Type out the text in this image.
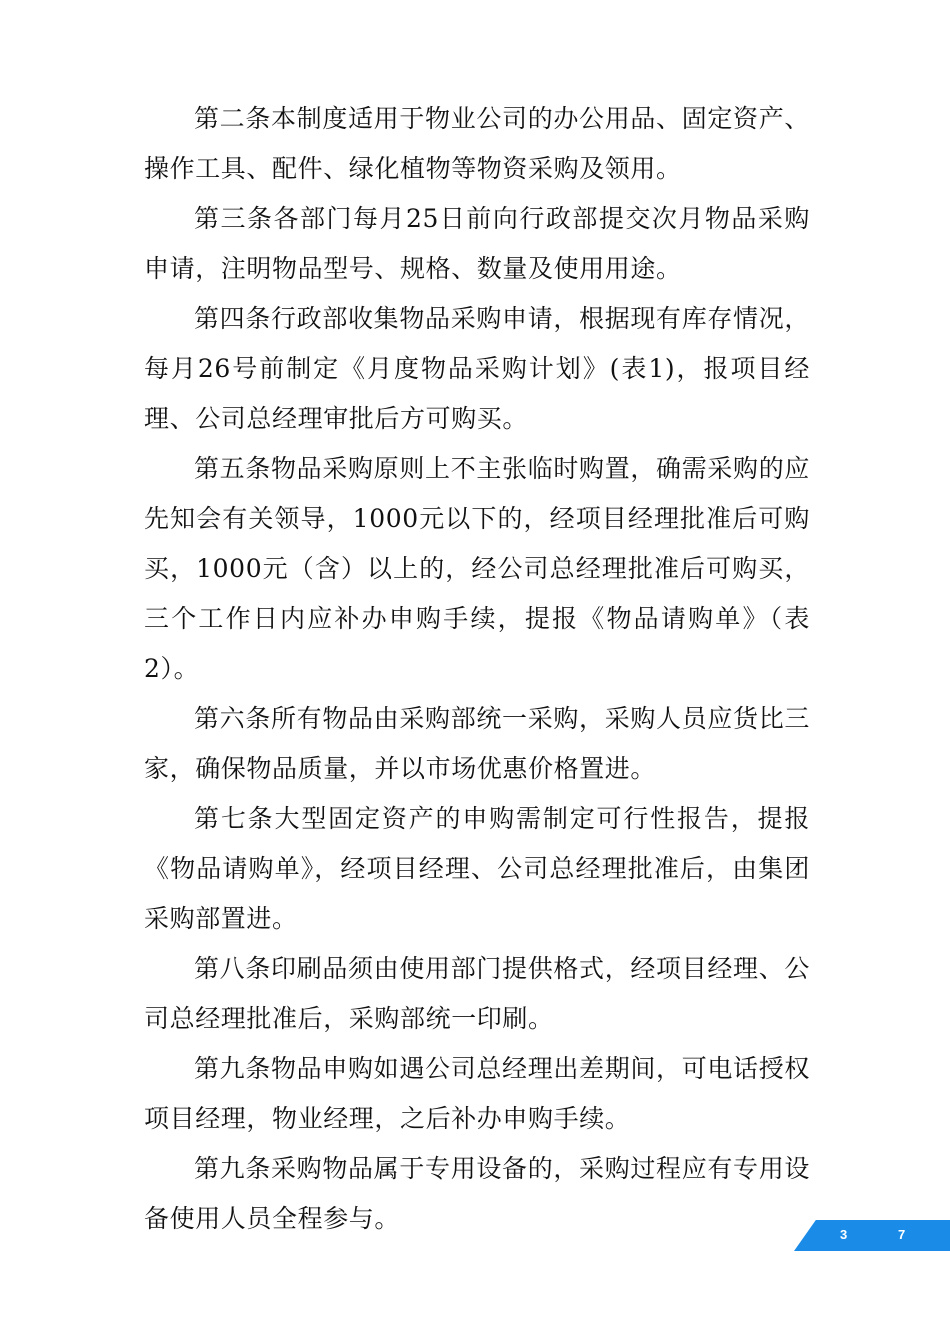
第二条本制度适用于物业公司的办公用品、固定资产、操作工具、配件、绿化植物等物资采购及领用。

第三条各部门每月25日前向行政部提交次月物品采购申请，注明物品型号、规格、数量及使用用途。

第四条行政部收集物品采购申请，根据现有库存情况，每月26号前制定《月度物品采购计划》(表1)，报项目经理、公司总经理审批后方可购买。

第五条物品采购原则上不主张临时购置，确需采购的应先知会有关领导，1000元以下的，经项目经理批准后可购买，1000元（含）以上的，经公司总经理批准后可购买，三个工作日内应补办申购手续，提报《物品请购单》（表2）。

第六条所有物品由采购部统一采购，采购人员应货比三家，确保物品质量，并以市场优惠价格置进。

第七条大型固定资产的申购需制定可行性报告，提报《物品请购单》，经项目经理、公司总经理批准后，由集团采购部置进。

第八条印刷品须由使用部门提供格式，经项目经理、公司总经理批准后，采购部统一印刷。

第九条物品申购如遇公司总经理出差期间，可电话授权项目经理，物业经理，之后补办申购手续。

第九条采购物品属于专用设备的，采购过程应有专用设备使用人员全程参与。

3	7
